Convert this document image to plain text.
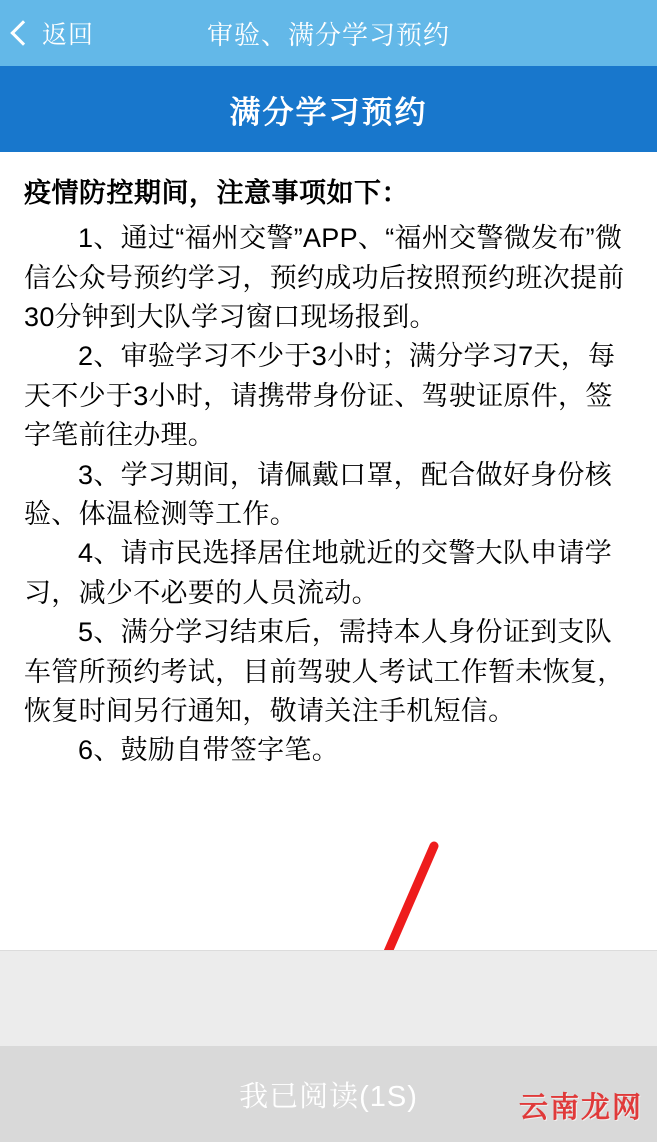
返回	审验、满分学习预约
满分学习预约

疫情防控期间，注意事项如下：

1、通过“福州交警”APP、“福州交警微发布”微信公众号预约学习，预约成功后按照预约班次提前30分钟到大队学习窗口现场报到。

2、审验学习不少于3小时；满分学习7天，每天不少于3小时，请携带身份证、驾驶证原件，签字笔前往办理。

3、学习期间，请佩戴口罩，配合做好身份核验、体温检测等工作。

4、请市民选择居住地就近的交警大队申请学习，减少不必要的人员流动。

5、满分学习结束后，需持本人身份证到支队车管所预约考试，目前驾驶人考试工作暂未恢复，恢复时间另行通知，敬请关注手机短信。

6、鼓励自带签字笔。

我已阅读(1S)	云南龙网
